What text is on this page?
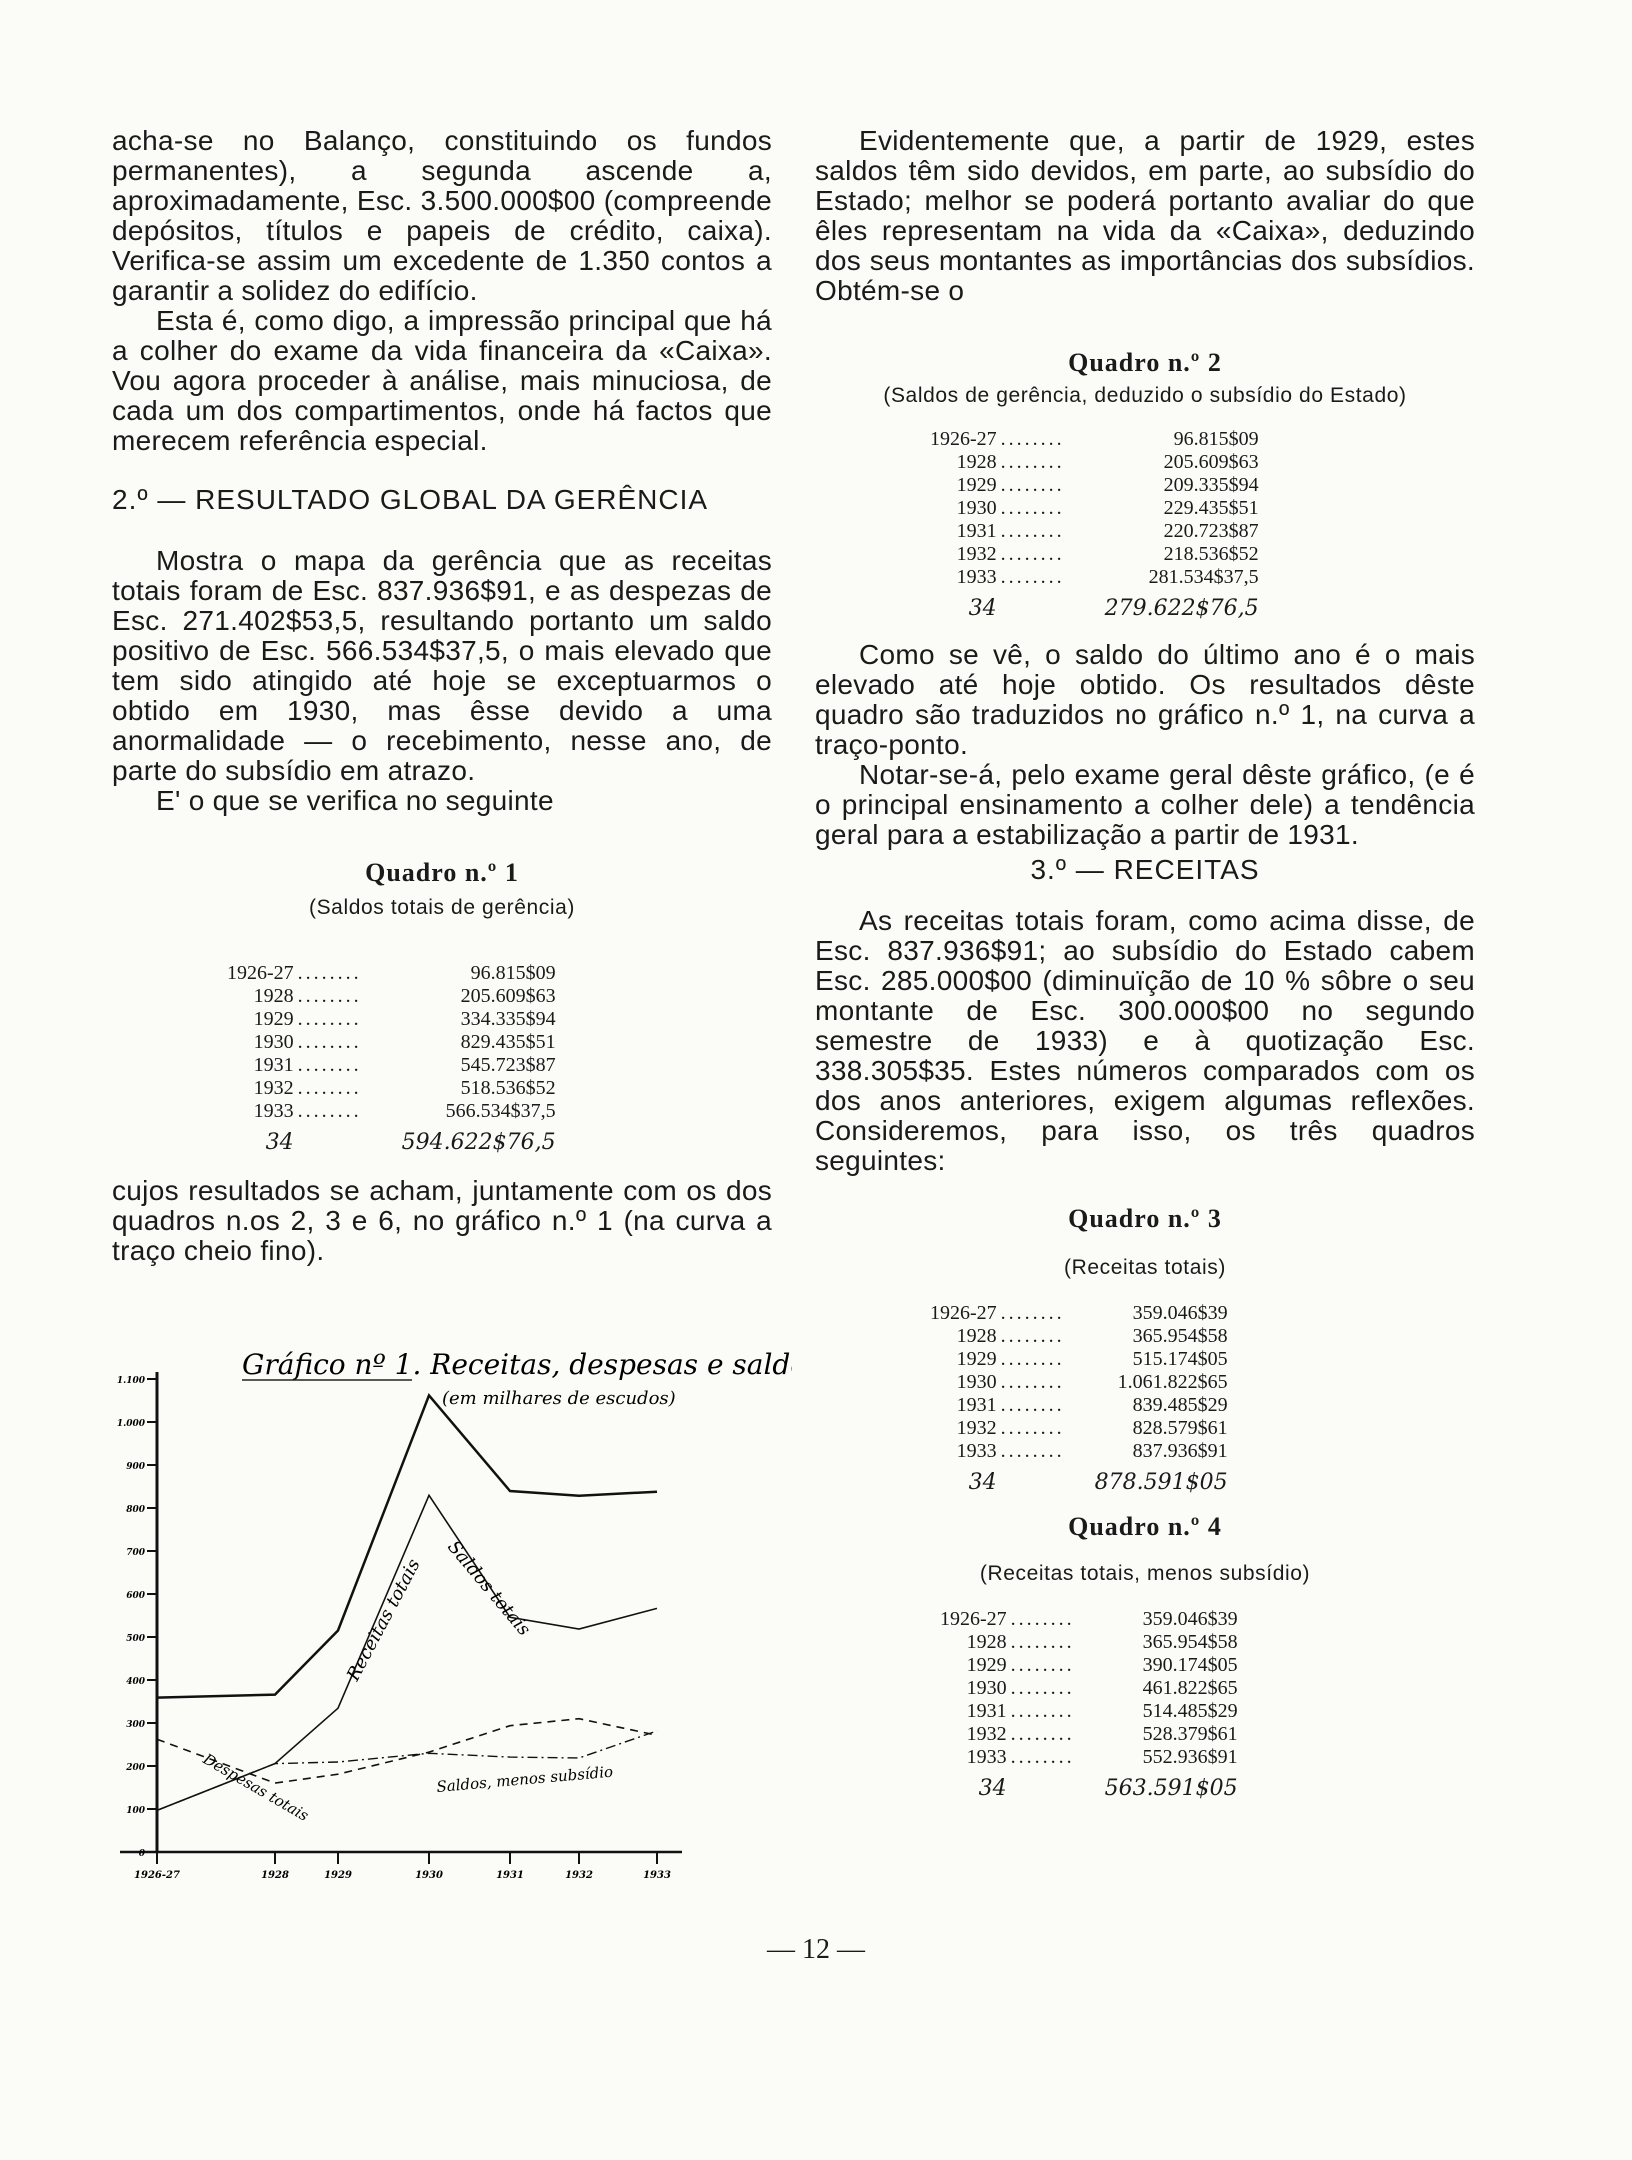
acha-se no Balanço, constituindo os fundos permanentes), a segunda ascende a, aproximadamente, Esc. 3.500.000$00 (compreende depósitos, títulos e papeis de crédito, caixa). Verifica-se assim um excedente de 1.350 contos a garantir a solidez do edifício.

Esta é, como digo, a impressão principal que há a colher do exame da vida financeira da «Caixa». Vou agora proceder à análise, mais minuciosa, de cada um dos compartimentos, onde há factos que merecem referência especial.

2.º — RESULTADO GLOBAL DA GERÊNCIA

Mostra o mapa da gerência que as receitas totais foram de Esc. 837.936$91, e as despezas de Esc. 271.402$53,5, resultando portanto um saldo positivo de Esc. 566.534$37,5, o mais elevado que tem sido atingido até hoje se exceptuarmos o obtido em 1930, mas êsse devido a uma anormalidade — o recebimento, nesse ano, de parte do subsídio em atrazo.

E' o que se verifica no seguinte

Quadro n.º 1

(Saldos totais de gerência)

1926-27	........	96.815$09
1928	........	205.609$63
1929	........	334.335$94
1930	........	829.435$51
1931	........	545.723$87
1932	........	518.536$52
1933	........	566.534$37,5
34		594.622$76,5

cujos resultados se acham, juntamente com os dos quadros n.os 2, 3 e 6, no gráfico n.º 1 (na curva a traço cheio fino).

Gráfico nº 1. Receitas, despesas e saldos.
(em milhares de escudos)
0
100
200
300
400
500
600
700
800
900
1.000
1.100
1926-27	1928	1929	1930	1931	1932	1933
Receitas totais Saldos totais
Despesas totais	Saldos, menos subsídio

Evidentemente que, a partir de 1929, estes saldos têm sido devidos, em parte, ao subsídio do Estado; melhor se poderá portanto avaliar do que êles representam na vida da «Caixa», deduzindo dos seus montantes as importâncias dos subsídios. Obtém-se o

Quadro n.º 2

(Saldos de gerência, deduzido o subsídio do Estado)

1926-27	........	96.815$09
1928	........	205.609$63
1929	........	209.335$94
1930	........	229.435$51
1931	........	220.723$87
1932	........	218.536$52
1933	........	281.534$37,5
34		279.622$76,5

Como se vê, o saldo do último ano é o mais elevado até hoje obtido. Os resultados dêste quadro são traduzidos no gráfico n.º 1, na curva a traço-ponto.

Notar-se-á, pelo exame geral dêste gráfico, (e é o principal ensinamento a colher dele) a tendência geral para a estabilização a partir de 1931.

3.º — RECEITAS

As receitas totais foram, como acima disse, de Esc. 837.936$91; ao subsídio do Estado cabem Esc. 285.000$00 (diminuïção de 10 % sôbre o seu montante de Esc. 300.000$00 no segundo semestre de 1933) e à quotização Esc. 338.305$35. Estes números comparados com os dos anos anteriores, exigem algumas reflexões. Consideremos, para isso, os três quadros seguintes:

Quadro n.º 3

(Receitas totais)

1926-27	........	359.046$39
1928	........	365.954$58
1929	........	515.174$05
1930	........	1.061.822$65
1931	........	839.485$29
1932	........	828.579$61
1933	........	837.936$91
34		878.591$05

Quadro n.º 4

(Receitas totais, menos subsídio)

1926-27	........	359.046$39
1928	........	365.954$58
1929	........	390.174$05
1930	........	461.822$65
1931	........	514.485$29
1932	........	528.379$61
1933	........	552.936$91
34		563.591$05
— 12 —
